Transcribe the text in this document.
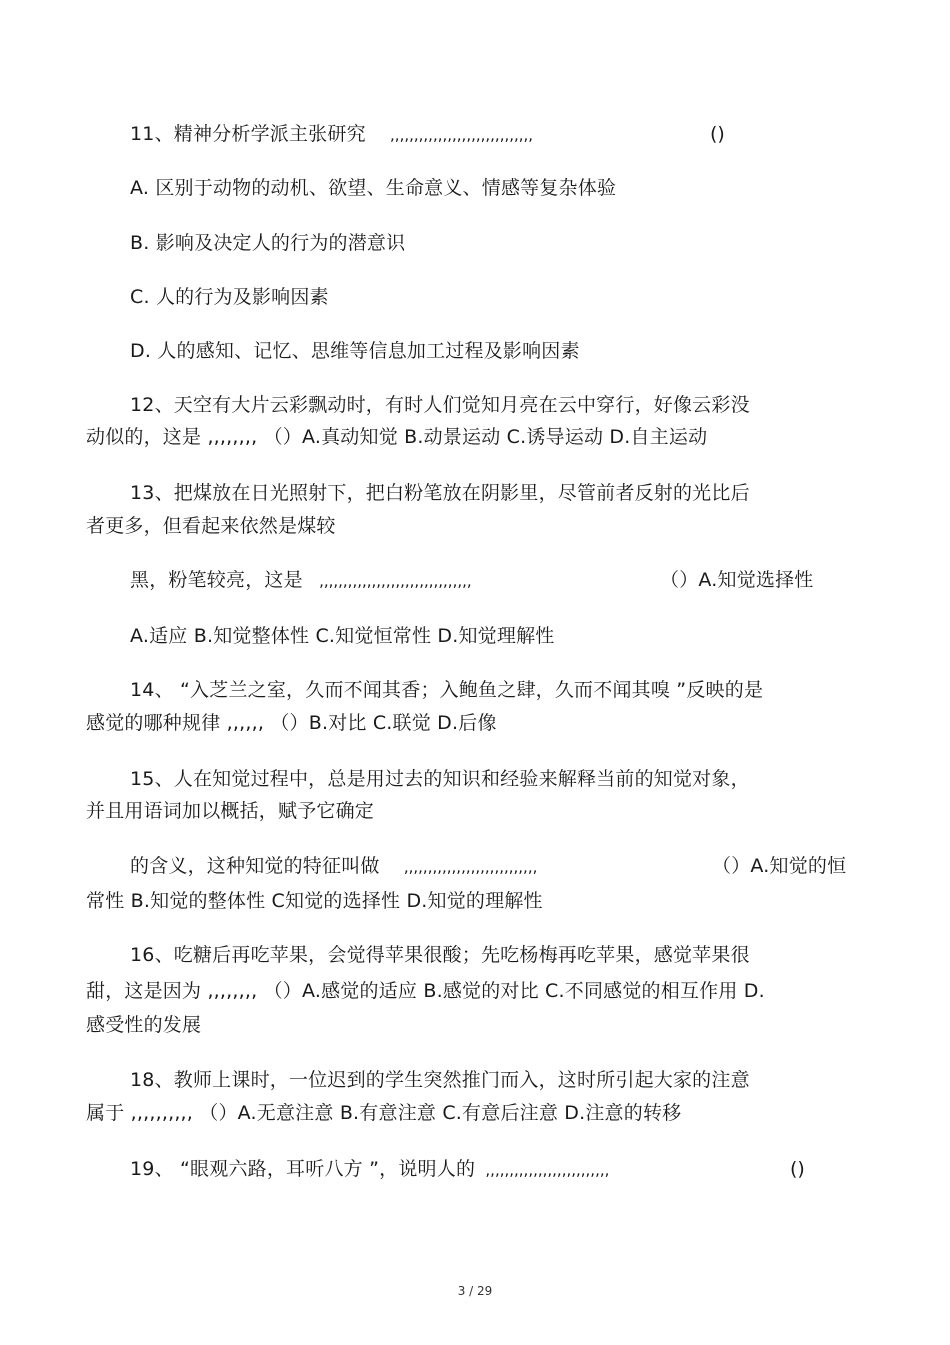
11、精神分析学派主张研究 ,,,,,,,,,,,,,,,,,,,,,,,,,,,,,,	()
A. 区别于动物的动机、欲望、生命意义、情感等复杂体验
B. 影响及决定人的行为的潜意识
C. 人的行为及影响因素
D. 人的感知、记忆、思维等信息加工过程及影响因素
12、天空有大片云彩飘动时，有时人们觉知月亮在云中穿行，好像云彩没
动似的，这是 ,,,,,,,, （）A.真动知觉 B.动景运动 C.诱导运动 D.自主运动
13、把煤放在日光照射下，把白粉笔放在阴影里，尽管前者反射的光比后
者更多，但看起来依然是煤较
黑，粉笔较亮，这是 ,,,,,,,,,,,,,,,,,,,,,,,,,,,,,,,,	（）A.知觉选择性
A.适应 B.知觉整体性 C.知觉恒常性 D.知觉理解性
14、 “入芝兰之室，久而不闻其香；入鲍鱼之肆，久而不闻其嗅 ”反映的是
感觉的哪种规律 ,,,,,, （）B.对比 C.联觉 D.后像
15、人在知觉过程中，总是用过去的知识和经验来解释当前的知觉对象，
并且用语词加以概括，赋予它确定
的含义，这种知觉的特征叫做 ,,,,,,,,,,,,,,,,,,,,,,,,,,,,	（）A.知觉的恒
常性 B.知觉的整体性 C知觉的选择性 D.知觉的理解性
16、吃糖后再吃苹果，会觉得苹果很酸；先吃杨梅再吃苹果，感觉苹果很
甜，这是因为 ,,,,,,,, （）A.感觉的适应 B.感觉的对比 C.不同感觉的相互作用 D.
感受性的发展
18、教师上课时，一位迟到的学生突然推门而入，这时所引起大家的注意
属于 ,,,,,,,,,, （）A.无意注意 B.有意注意 C.有意后注意 D.注意的转移
19、 “眼观六路，耳听八方 ”，说明人的 ,,,,,,,,,,,,,,,,,,,,,,,,,,	()
3 / 29
